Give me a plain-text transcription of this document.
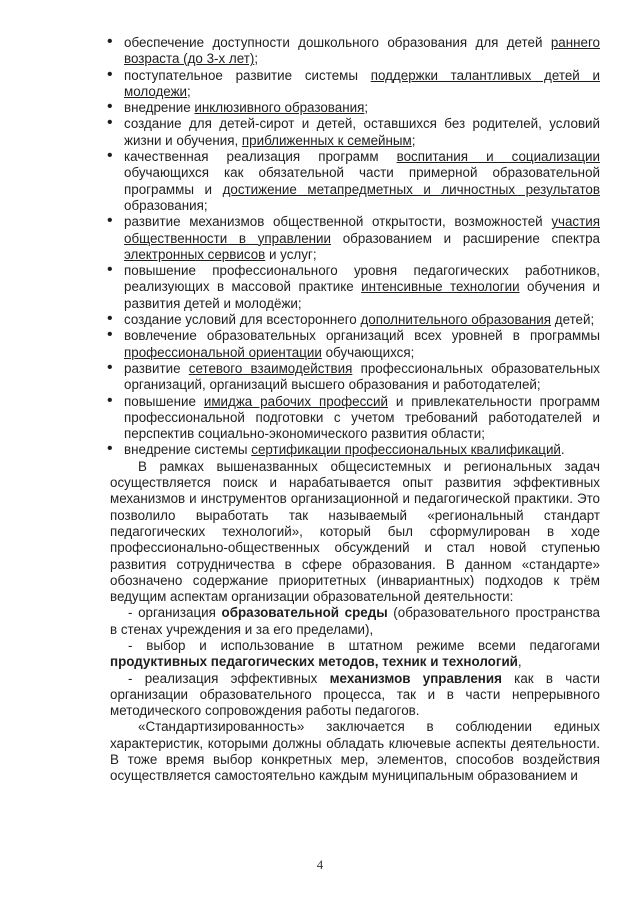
• обеспечение доступности дошкольного образования для детей раннего возраста (до 3-х лет);
• поступательное развитие системы поддержки талантливых детей и молодежи;
• внедрение инклюзивного образования;
• создание для детей-сирот и детей, оставшихся без родителей, условий жизни и обучения, приближенных к семейным;
• качественная реализация программ воспитания и социализации обучающихся как обязательной части примерной образовательной программы и достижение метапредметных и личностных результатов образования;
• развитие механизмов общественной открытости, возможностей участия общественности в управлении образованием и расширение спектра электронных сервисов и услуг;
• повышение профессионального уровня педагогических работников, реализующих в массовой практике интенсивные технологии обучения и развития детей и молодёжи;
• создание условий для всестороннего дополнительного образования детей;
• вовлечение образовательных организаций всех уровней в программы профессиональной ориентации обучающихся;
• развитие сетевого взаимодействия профессиональных образовательных организаций, организаций высшего образования и работодателей;
• повышение имиджа рабочих профессий и привлекательности программ профессиональной подготовки с учетом требований работодателей и перспектив социально-экономического развития области;
• внедрение системы сертификации профессиональных квалификаций.

В рамках вышеназванных общесистемных и региональных задач осуществляется поиск и нарабатывается опыт развития эффективных механизмов и инструментов организационной и педагогической практики. Это позволило выработать так называемый «региональный стандарт педагогических технологий», который был сформулирован в ходе профессионально-общественных обсуждений и стал новой ступенью развития сотрудничества в сфере образования. В данном «стандарте» обозначено содержание приоритетных (инвариантных) подходов к трём ведущим аспектам организации образовательной деятельности:

- организация образовательной среды (образовательного пространства в стенах учреждения и за его пределами),

- выбор и использование в штатном режиме всеми педагогами продуктивных педагогических методов, техник и технологий,

- реализация эффективных механизмов управления как в части организации образовательного процесса, так и в части непрерывного методического сопровождения работы педагогов.

«Стандартизированность» заключается в соблюдении единых характеристик, которыми должны обладать ключевые аспекты деятельности. В тоже время выбор конкретных мер, элементов, способов воздействия осуществляется самостоятельно каждым муниципальным образованием и

4
